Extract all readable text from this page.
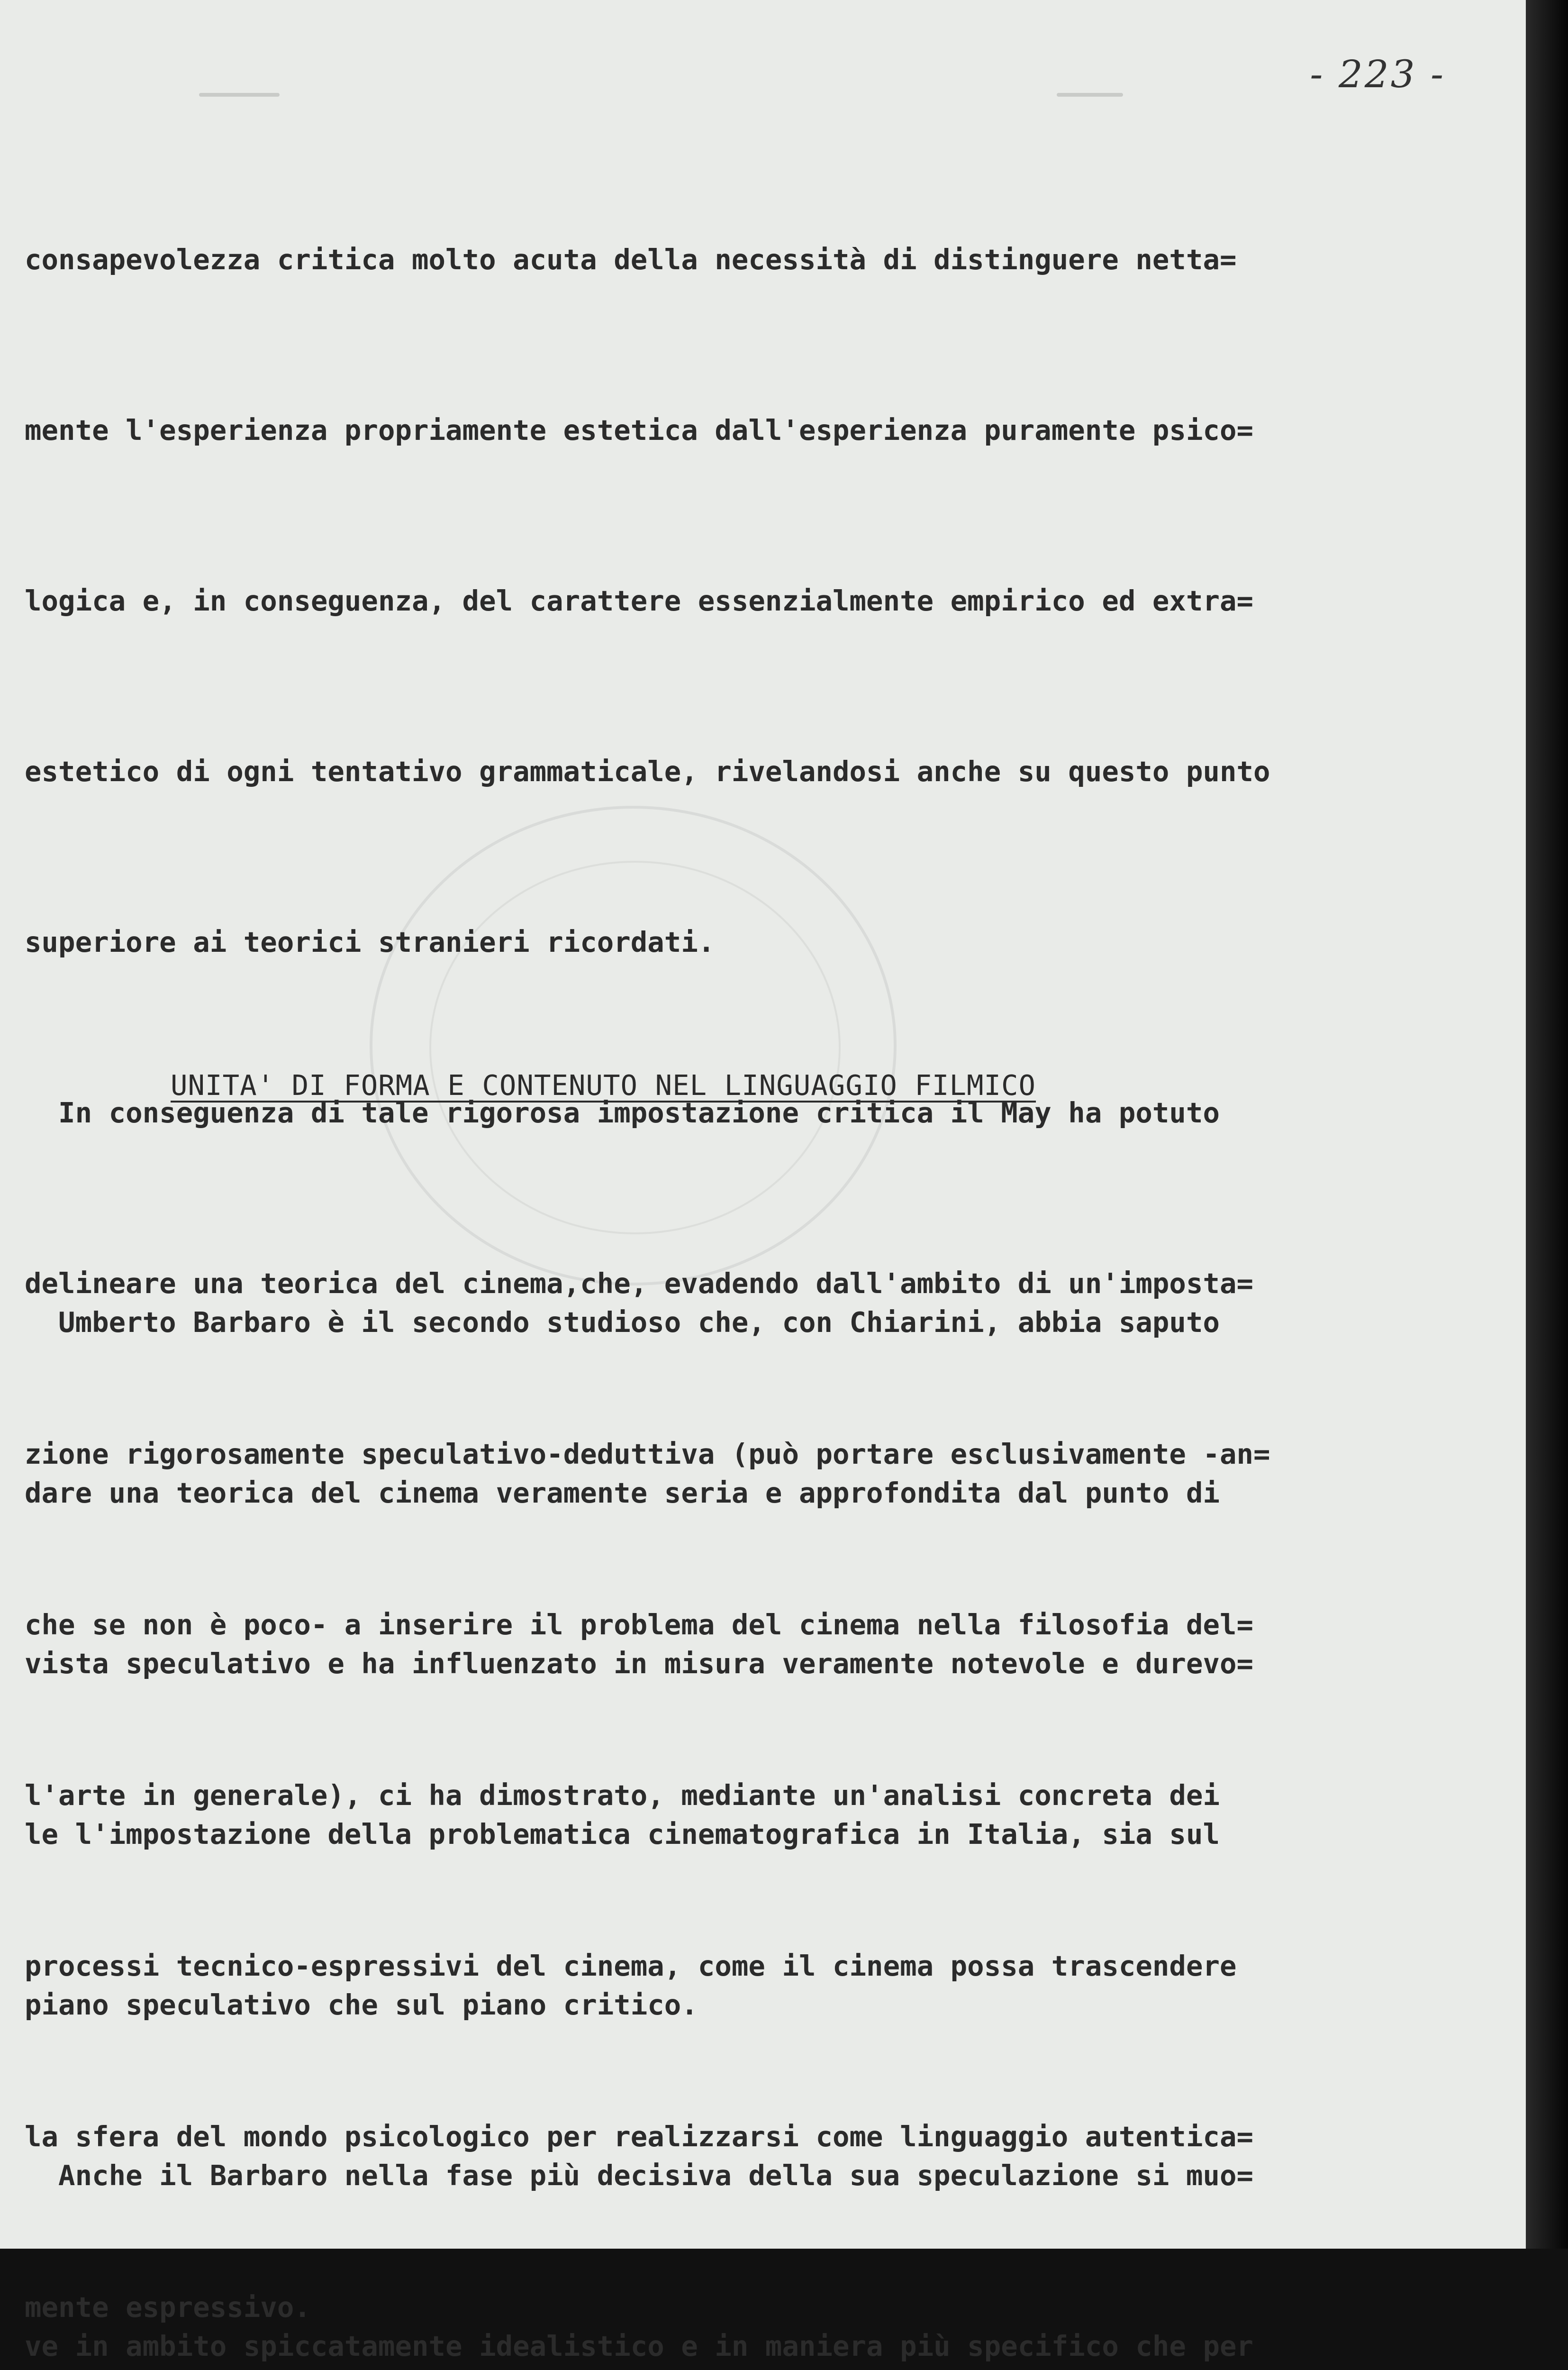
- 223 -

consapevolezza critica molto acuta della necessità di distinguere netta=

mente l'esperienza propriamente estetica dall'esperienza puramente psico=

logica e, in conseguenza, del carattere essenzialmente empirico ed extra=

estetico di ogni tentativo grammaticale, rivelandosi anche su questo punto

superiore ai teorici stranieri ricordati.

In conseguenza di tale rigorosa impostazione critica il May ha potuto

delineare una teorica del cinema,che, evadendo dall'ambito di un'imposta=

zione rigorosamente speculativo-deduttiva (può portare esclusivamente -an=

che se non è poco- a inserire il problema del cinema nella filosofia del=

l'arte in generale), ci ha dimostrato, mediante un'analisi concreta dei

processi tecnico-espressivi del cinema, come il cinema possa trascendere

la sfera del mondo psicologico per realizzarsi come linguaggio autentica=

mente espressivo.

UNITA' DI FORMA E CONTENUTO NEL LINGUAGGIO FILMICO

Umberto Barbaro è il secondo studioso che, con Chiarini, abbia saputo

dare una teorica del cinema veramente seria e approfondita dal punto di

vista speculativo e ha influenzato in misura veramente notevole e durevo=

le l'impostazione della problematica cinematografica in Italia, sia sul

piano speculativo che sul piano critico.

Anche il Barbaro nella fase più decisiva della sua speculazione si muo=

ve in ambito spiccatamente idealistico e in maniera più specifico che per
